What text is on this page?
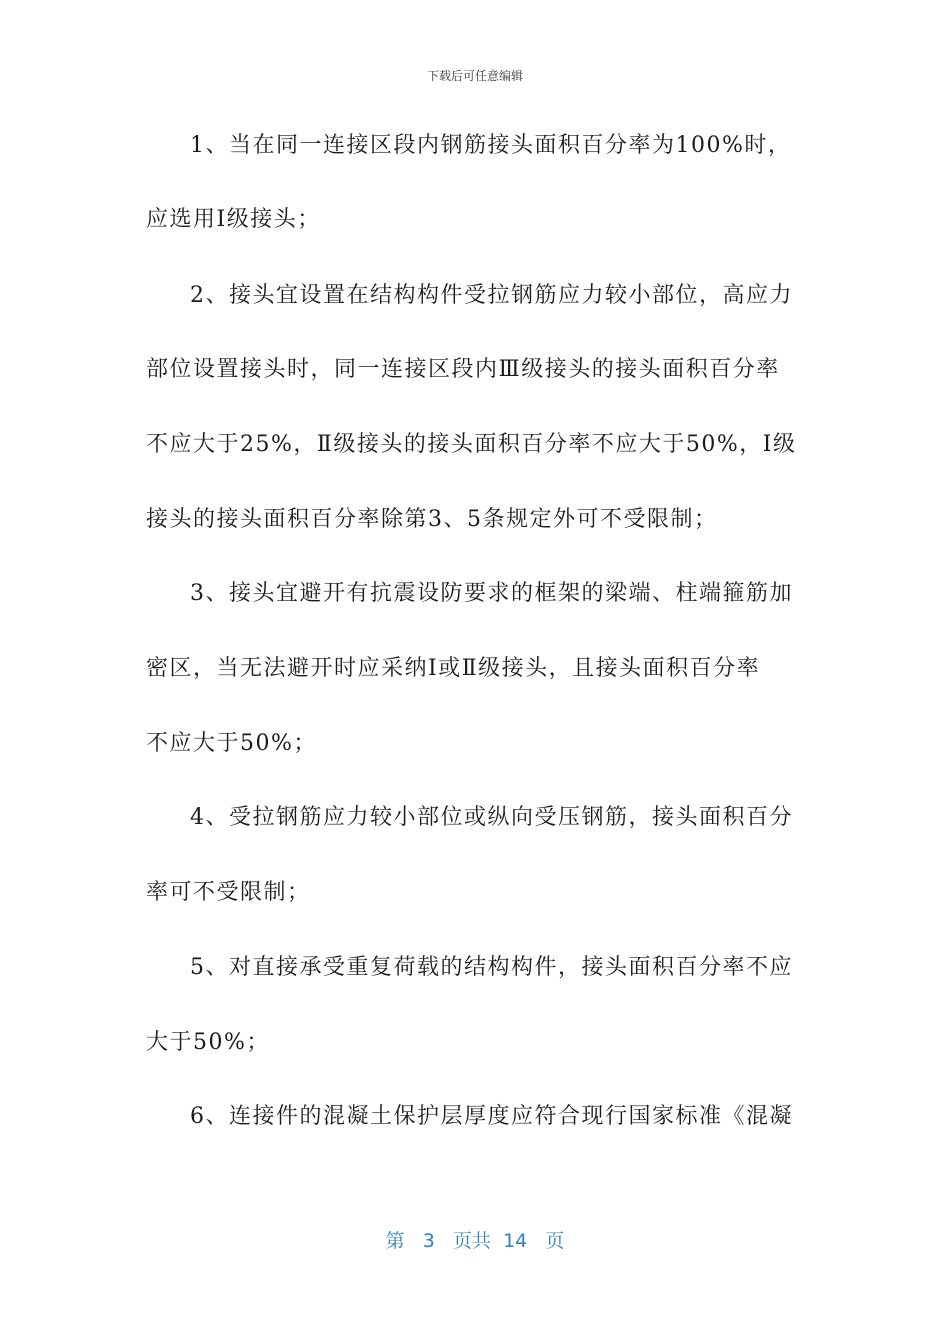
下载后可任意编辑
1、当在同一连接区段内钢筋接头面积百分率为100%时，
应选用Ⅰ级接头；
2、接头宜设置在结构构件受拉钢筋应力较小部位，高应力
部位设置接头时，同一连接区段内Ⅲ级接头的接头面积百分率
不应大于25%，Ⅱ级接头的接头面积百分率不应大于50%，Ⅰ级
接头的接头面积百分率除第3、5条规定外可不受限制；
3、接头宜避开有抗震设防要求的框架的梁端、柱端箍筋加
密区，当无法避开时应采纳Ⅰ或Ⅱ级接头，且接头面积百分率
不应大于50%；
4、受拉钢筋应力较小部位或纵向受压钢筋，接头面积百分
率可不受限制；
5、对直接承受重复荷载的结构构件，接头面积百分率不应
大于50%；
6、连接件的混凝土保护层厚度应符合现行国家标准《混凝
第 3 页共 14 页
